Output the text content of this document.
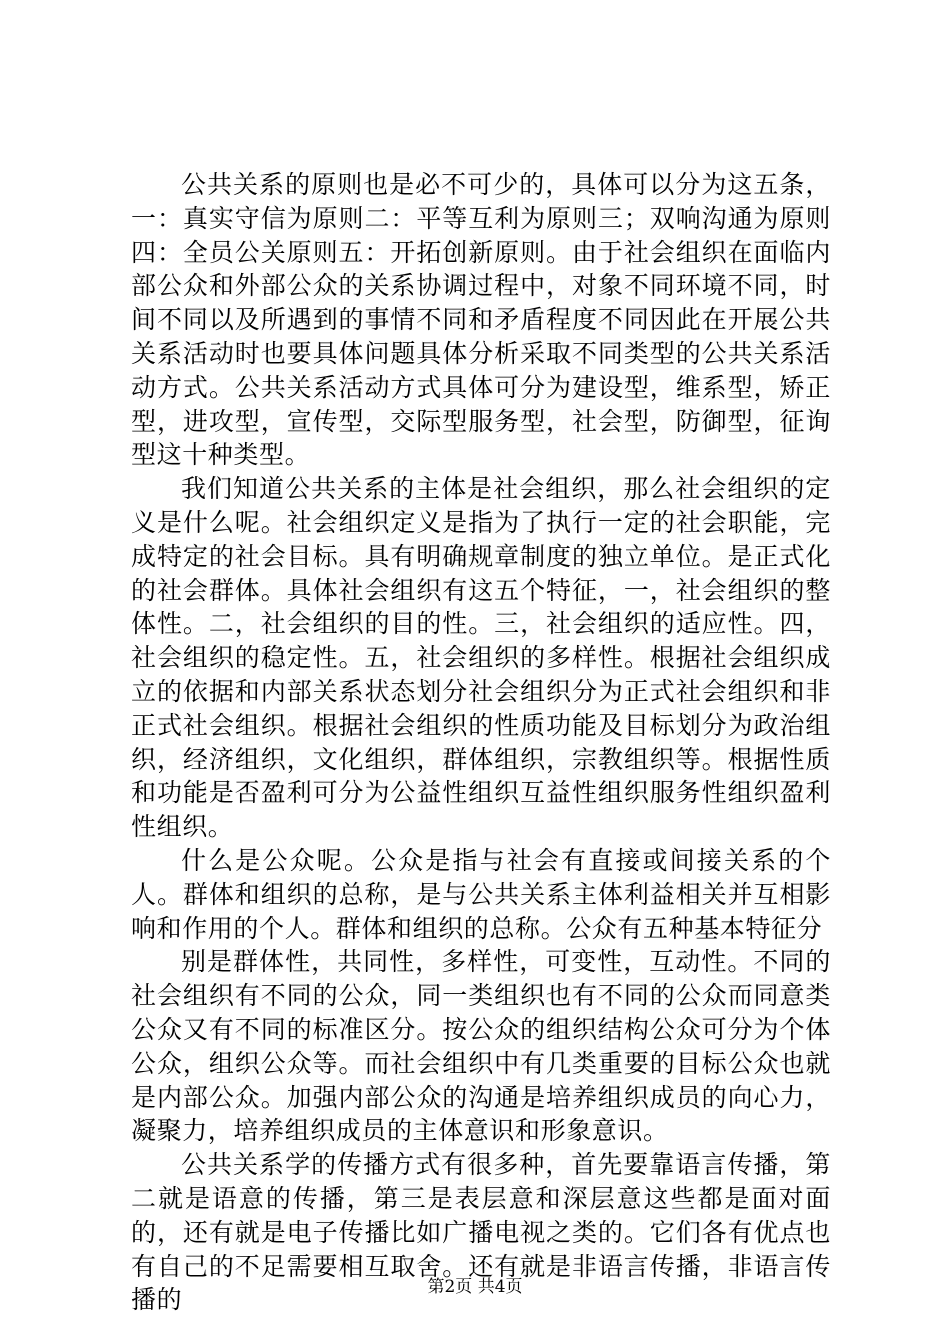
公共关系的原则也是必不可少的，具体可以分为这五条，一：真实守信为原则二：平等互利为原则三；双响沟通为原则四：全员公关原则五：开拓创新原则。由于社会组织在面临内部公众和外部公众的关系协调过程中，对象不同环境不同，时间不同以及所遇到的事情不同和矛盾程度不同因此在开展公共关系活动时也要具体问题具体分析采取不同类型的公共关系活动方式。公共关系活动方式具体可分为建设型，维系型，矫正型，进攻型，宣传型，交际型服务型，社会型，防御型，征询型这十种类型。

我们知道公共关系的主体是社会组织，那么社会组织的定义是什么呢。社会组织定义是指为了执行一定的社会职能，完成特定的社会目标。具有明确规章制度的独立单位。是正式化的社会群体。具体社会组织有这五个特征，一，社会组织的整体性。二，社会组织的目的性。三，社会组织的适应性。四，社会组织的稳定性。五，社会组织的多样性。根据社会组织成立的依据和内部关系状态划分社会组织分为正式社会组织和非正式社会组织。根据社会组织的性质功能及目标划分为政治组织，经济组织，文化组织，群体组织，宗教组织等。根据性质和功能是否盈利可分为公益性组织互益性组织服务性组织盈利性组织。

什么是公众呢。公众是指与社会有直接或间接关系的个人。群体和组织的总称，是与公共关系主体利益相关并互相影响和作用的个人。群体和组织的总称。公众有五种基本特征分

别是群体性，共同性，多样性，可变性，互动性。不同的社会组织有不同的公众，同一类组织也有不同的公众而同意类公众又有不同的标准区分。按公众的组织结构公众可分为个体公众，组织公众等。而社会组织中有几类重要的目标公众也就是内部公众。加强内部公众的沟通是培养组织成员的向心力，凝聚力，培养组织成员的主体意识和形象意识。

公共关系学的传播方式有很多种，首先要靠语言传播，第二就是语意的传播，第三是表层意和深层意这些都是面对面的，还有就是电子传播比如广播电视之类的。它们各有优点也有自己的不足需要相互取舍。还有就是非语言传播，非语言传播的	第2页 共4页
